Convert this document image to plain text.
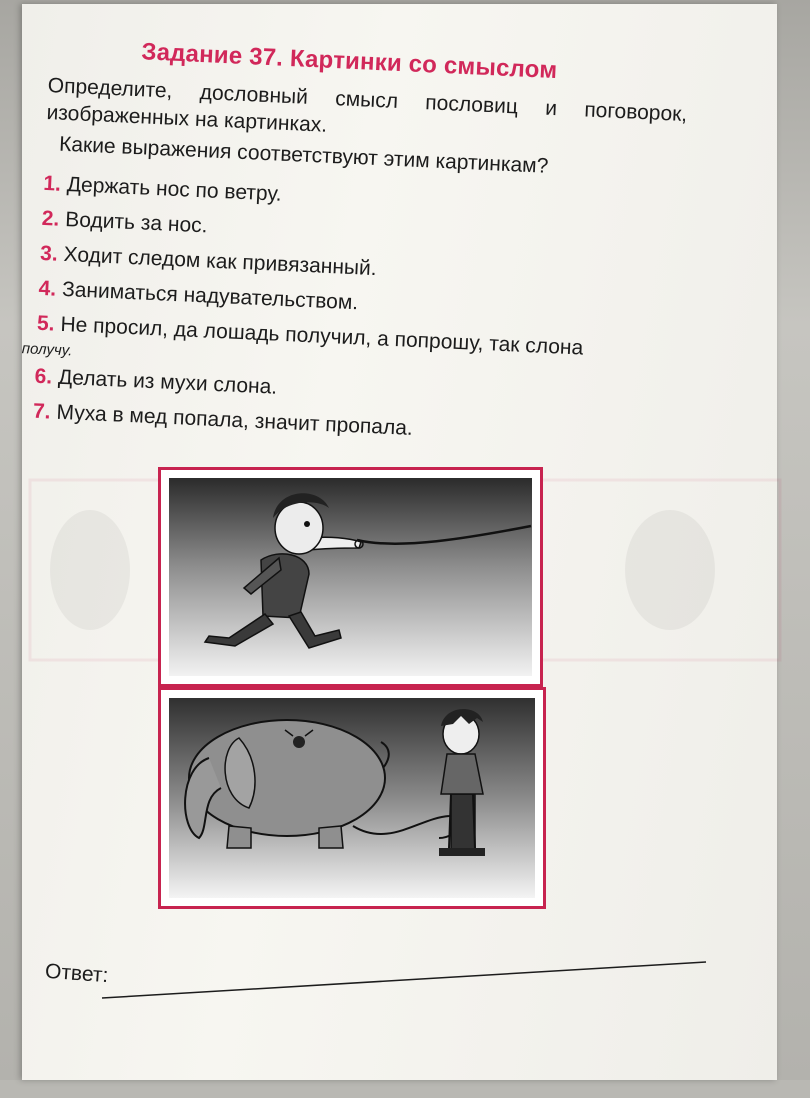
Задание 37. Картинки со смыслом
Определите, дословный смысл пословиц и поговорок, изображенных на картинках.
Какие выражения соответствуют этим картинкам?
1. Держать нос по ветру.
2. Водить за нос.
3. Ходит следом как привязанный.
4. Заниматься надувательством.
5. Не просил, да лошадь получил, а попрошу, так слона
получу.
6. Делать из мухи слона.
7. Муха в мед попала, значит пропала.
Ответ:
